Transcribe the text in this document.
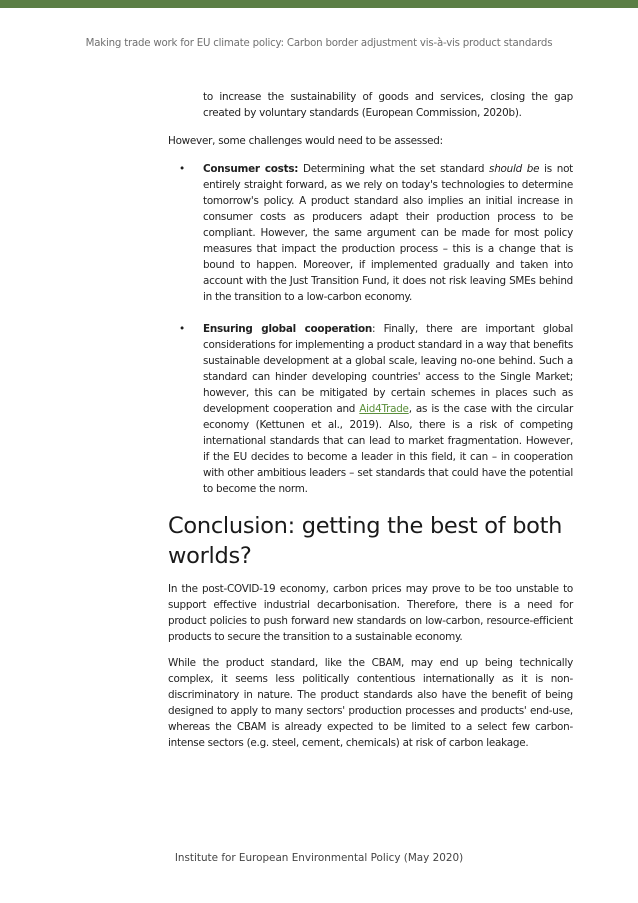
Making trade work for EU climate policy: Carbon border adjustment vis-à-vis product standards

to increase the sustainability of goods and services, closing the gap created by voluntary standards (European Commission, 2020b).

However, some challenges would need to be assessed:

• Consumer costs: Determining what the set standard should be is not entirely straight forward, as we rely on today's technologies to determine tomorrow's policy. A product standard also implies an initial increase in consumer costs as producers adapt their production process to be compliant. However, the same argument can be made for most policy measures that impact the production process – this is a change that is bound to happen. Moreover, if implemented gradually and taken into account with the Just Transition Fund, it does not risk leaving SMEs behind in the transition to a low-carbon economy.
• Ensuring global cooperation: Finally, there are important global considerations for implementing a product standard in a way that benefits sustainable development at a global scale, leaving no-one behind. Such a standard can hinder developing countries' access to the Single Market; however, this can be mitigated by certain schemes in places such as development cooperation and Aid4Trade, as is the case with the circular economy (Kettunen et al., 2019). Also, there is a risk of competing international standards that can lead to market fragmentation. However, if the EU decides to become a leader in this field, it can – in cooperation with other ambitious leaders – set standards that could have the potential to become the norm.
Conclusion: getting the best of both worlds?

In the post-COVID-19 economy, carbon prices may prove to be too unstable to support effective industrial decarbonisation. Therefore, there is a need for product policies to push forward new standards on low-carbon, resource-efficient products to secure the transition to a sustainable economy.

While the product standard, like the CBAM, may end up being technically complex, it seems less politically contentious internationally as it is non-discriminatory in nature. The product standards also have the benefit of being designed to apply to many sectors' production processes and products' end-use, whereas the CBAM is already expected to be limited to a select few carbon-intense sectors (e.g. steel, cement, chemicals) at risk of carbon leakage.

Institute for European Environmental Policy (May 2020)
